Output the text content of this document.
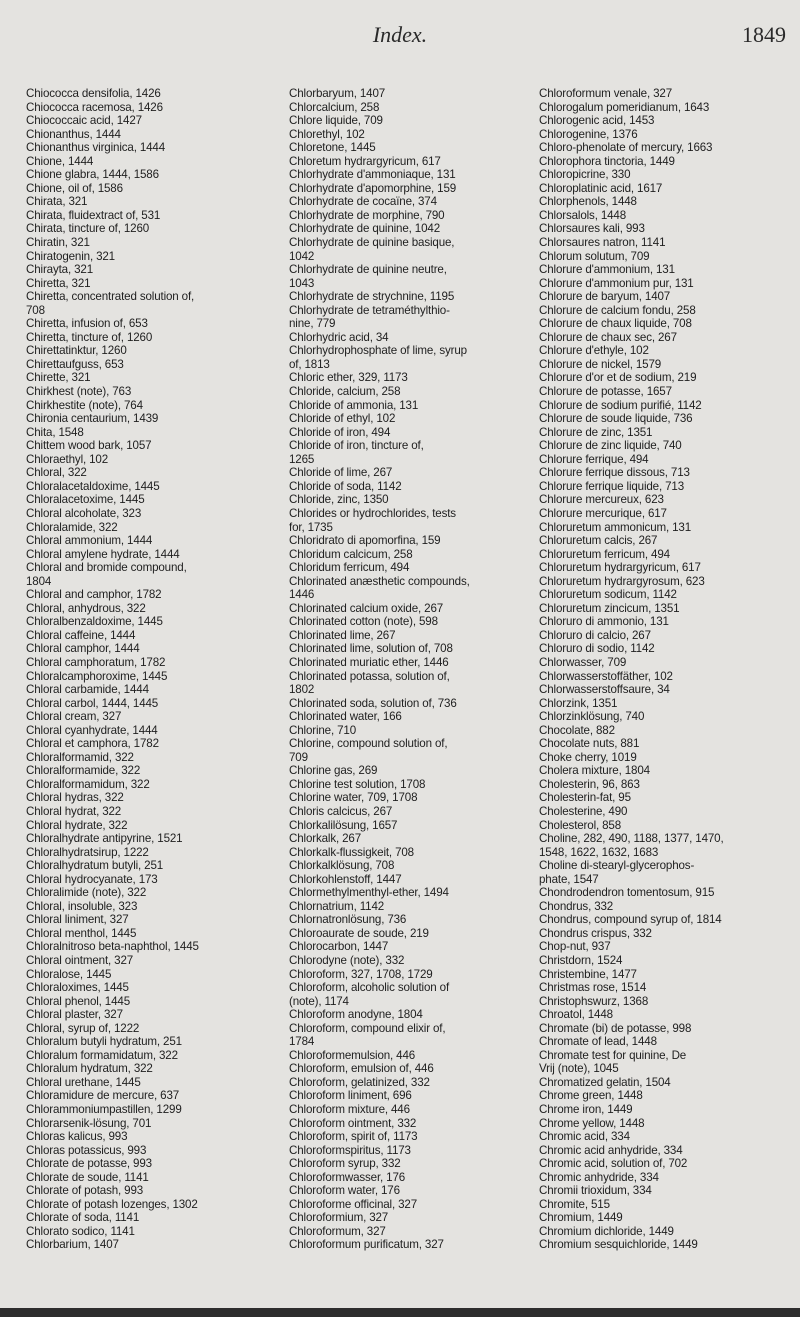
Index.	1849
Chiococca densifolia, 1426
Chiococca racemosa, 1426
Chiococcaic acid, 1427
Chionanthus, 1444
Chionanthus virginica, 1444
Chione, 1444
Chione glabra, 1444, 1586
Chione, oil of, 1586
Chirata, 321
Chirata, fluidextract of, 531
Chirata, tincture of, 1260
Chiratin, 321
Chiratogenin, 321
Chirayta, 321
Chiretta, 321
Chiretta, concentrated solution of,
708
Chiretta, infusion of, 653
Chiretta, tincture of, 1260
Chirettatinktur, 1260
Chirettaufguss, 653
Chirette, 321
Chirkhest (note), 763
Chirkhestite (note), 764
Chironia centaurium, 1439
Chita, 1548
Chittem wood bark, 1057
Chloraethyl, 102
Chloral, 322
Chloralacetaldoxime, 1445
Chloralacetoxime, 1445
Chloral alcoholate, 323
Chloralamide, 322
Chloral ammonium, 1444
Chloral amylene hydrate, 1444
Chloral and bromide compound,
1804
Chloral and camphor, 1782
Chloral, anhydrous, 322
Chloralbenzaldoxime, 1445
Chloral caffeine, 1444
Chloral camphor, 1444
Chloral camphoratum, 1782
Chloralcamphoroxime, 1445
Chloral carbamide, 1444
Chloral carbol, 1444, 1445
Chloral cream, 327
Chloral cyanhydrate, 1444
Chloral et camphora, 1782
Chloralformamid, 322
Chloralformamide, 322
Chloralformamidum, 322
Chloral hydras, 322
Chloral hydrat, 322
Chloral hydrate, 322
Chloralhydrate antipyrine, 1521
Chloralhydratsirup, 1222
Chloralhydratum butyli, 251
Chloral hydrocyanate, 173
Chloralimide (note), 322
Chloral, insoluble, 323
Chloral liniment, 327
Chloral menthol, 1445
Chloralnitroso beta-naphthol, 1445
Chloral ointment, 327
Chloralose, 1445
Chloraloximes, 1445
Chloral phenol, 1445
Chloral plaster, 327
Chloral, syrup of, 1222
Chloralum butyli hydratum, 251
Chloralum formamidatum, 322
Chloralum hydratum, 322
Chloral urethane, 1445
Chloramidure de mercure, 637
Chlorammoniumpastillen, 1299
Chlorarsenik-lösung, 701
Chloras kalicus, 993
Chloras potassicus, 993
Chlorate de potasse, 993
Chlorate de soude, 1141
Chlorate of potash, 993
Chlorate of potash lozenges, 1302
Chlorate of soda, 1141
Chlorato sodico, 1141
Chlorbarium, 1407
Chlorbaryum, 1407
Chlorcalcium, 258
Chlore liquide, 709
Chlorethyl, 102
Chloretone, 1445
Chloretum hydrargyricum, 617
Chlorhydrate d'ammoniaque, 131
Chlorhydrate d'apomorphine, 159
Chlorhydrate de cocaïne, 374
Chlorhydrate de morphine, 790
Chlorhydrate de quinine, 1042
Chlorhydrate de quinine basique,
1042
Chlorhydrate de quinine neutre,
1043
Chlorhydrate de strychnine, 1195
Chlorhydrate de tetraméthylthio-
nine, 779
Chlorhydric acid, 34
Chlorhydrophosphate of lime, syrup
of, 1813
Chloric ether, 329, 1173
Chloride, calcium, 258
Chloride of ammonia, 131
Chloride of ethyl, 102
Chloride of iron, 494
Chloride of iron, tincture of,
1265
Chloride of lime, 267
Chloride of soda, 1142
Chloride, zinc, 1350
Chlorides or hydrochlorides, tests
for, 1735
Chloridrato di apomorfina, 159
Chloridum calcicum, 258
Chloridum ferricum, 494
Chlorinated anæsthetic compounds,
1446
Chlorinated calcium oxide, 267
Chlorinated cotton (note), 598
Chlorinated lime, 267
Chlorinated lime, solution of, 708
Chlorinated muriatic ether, 1446
Chlorinated potassa, solution of,
1802
Chlorinated soda, solution of, 736
Chlorinated water, 166
Chlorine, 710
Chlorine, compound solution of,
709
Chlorine gas, 269
Chlorine test solution, 1708
Chlorine water, 709, 1708
Chloris calcicus, 267
Chlorkalilösung, 1657
Chlorkalk, 267
Chlorkalk-flussigkeit, 708
Chlorkalklösung, 708
Chlorkohlenstoff, 1447
Chlormethylmenthyl-ether, 1494
Chlornatrium, 1142
Chlornatronlösung, 736
Chloroaurate de soude, 219
Chlorocarbon, 1447
Chlorodyne (note), 332
Chloroform, 327, 1708, 1729
Chloroform, alcoholic solution of
(note), 1174
Chloroform anodyne, 1804
Chloroform, compound elixir of,
1784
Chloroformemulsion, 446
Chloroform, emulsion of, 446
Chloroform, gelatinized, 332
Chloroform liniment, 696
Chloroform mixture, 446
Chloroform ointment, 332
Chloroform, spirit of, 1173
Chloroformspiritus, 1173
Chloroform syrup, 332
Chloroformwasser, 176
Chloroform water, 176
Chloroforme officinal, 327
Chloroformium, 327
Chloroformum, 327
Chloroformum purificatum, 327
Chloroformum venale, 327
Chlorogalum pomeridianum, 1643
Chlorogenic acid, 1453
Chlorogenine, 1376
Chloro-phenolate of mercury, 1663
Chlorophora tinctoria, 1449
Chloropicrine, 330
Chloroplatinic acid, 1617
Chlorphenols, 1448
Chlorsalols, 1448
Chlorsaures kali, 993
Chlorsaures natron, 1141
Chlorum solutum, 709
Chlorure d'ammonium, 131
Chlorure d'ammonium pur, 131
Chlorure de baryum, 1407
Chlorure de calcium fondu, 258
Chlorure de chaux liquide, 708
Chlorure de chaux sec, 267
Chlorure d'ethyle, 102
Chlorure de nickel, 1579
Chlorure d'or et de sodium, 219
Chlorure de potasse, 1657
Chlorure de sodium purifié, 1142
Chlorure de soude liquide, 736
Chlorure de zinc, 1351
Chlorure de zinc liquide, 740
Chlorure ferrique, 494
Chlorure ferrique dissous, 713
Chlorure ferrique liquide, 713
Chlorure mercureux, 623
Chlorure mercurique, 617
Chloruretum ammonicum, 131
Chloruretum calcis, 267
Chloruretum ferricum, 494
Chloruretum hydrargyricum, 617
Chloruretum hydrargyrosum, 623
Chloruretum sodicum, 1142
Chloruretum zincicum, 1351
Chloruro di ammonio, 131
Chloruro di calcio, 267
Chloruro di sodio, 1142
Chlorwasser, 709
Chlorwasserstoffäther, 102
Chlorwasserstoffsaure, 34
Chlorzink, 1351
Chlorzinklösung, 740
Chocolate, 882
Chocolate nuts, 881
Choke cherry, 1019
Cholera mixture, 1804
Cholesterin, 96, 863
Cholesterin-fat, 95
Cholesterine, 490
Cholesterol, 858
Choline, 282, 490, 1188, 1377, 1470,
1548, 1622, 1632, 1683
Choline di-stearyl-glycerophos-
phate, 1547
Chondrodendron tomentosum, 915
Chondrus, 332
Chondrus, compound syrup of, 1814
Chondrus crispus, 332
Chop-nut, 937
Christdorn, 1524
Christembine, 1477
Christmas rose, 1514
Christophswurz, 1368
Chroatol, 1448
Chromate (bi) de potasse, 998
Chromate of lead, 1448
Chromate test for quinine, De
Vrij (note), 1045
Chromatized gelatin, 1504
Chrome green, 1448
Chrome iron, 1449
Chrome yellow, 1448
Chromic acid, 334
Chromic acid anhydride, 334
Chromic acid, solution of, 702
Chromic anhydride, 334
Chromii trioxidum, 334
Chromite, 515
Chromium, 1449
Chromium dichloride, 1449
Chromium sesquichloride, 1449
